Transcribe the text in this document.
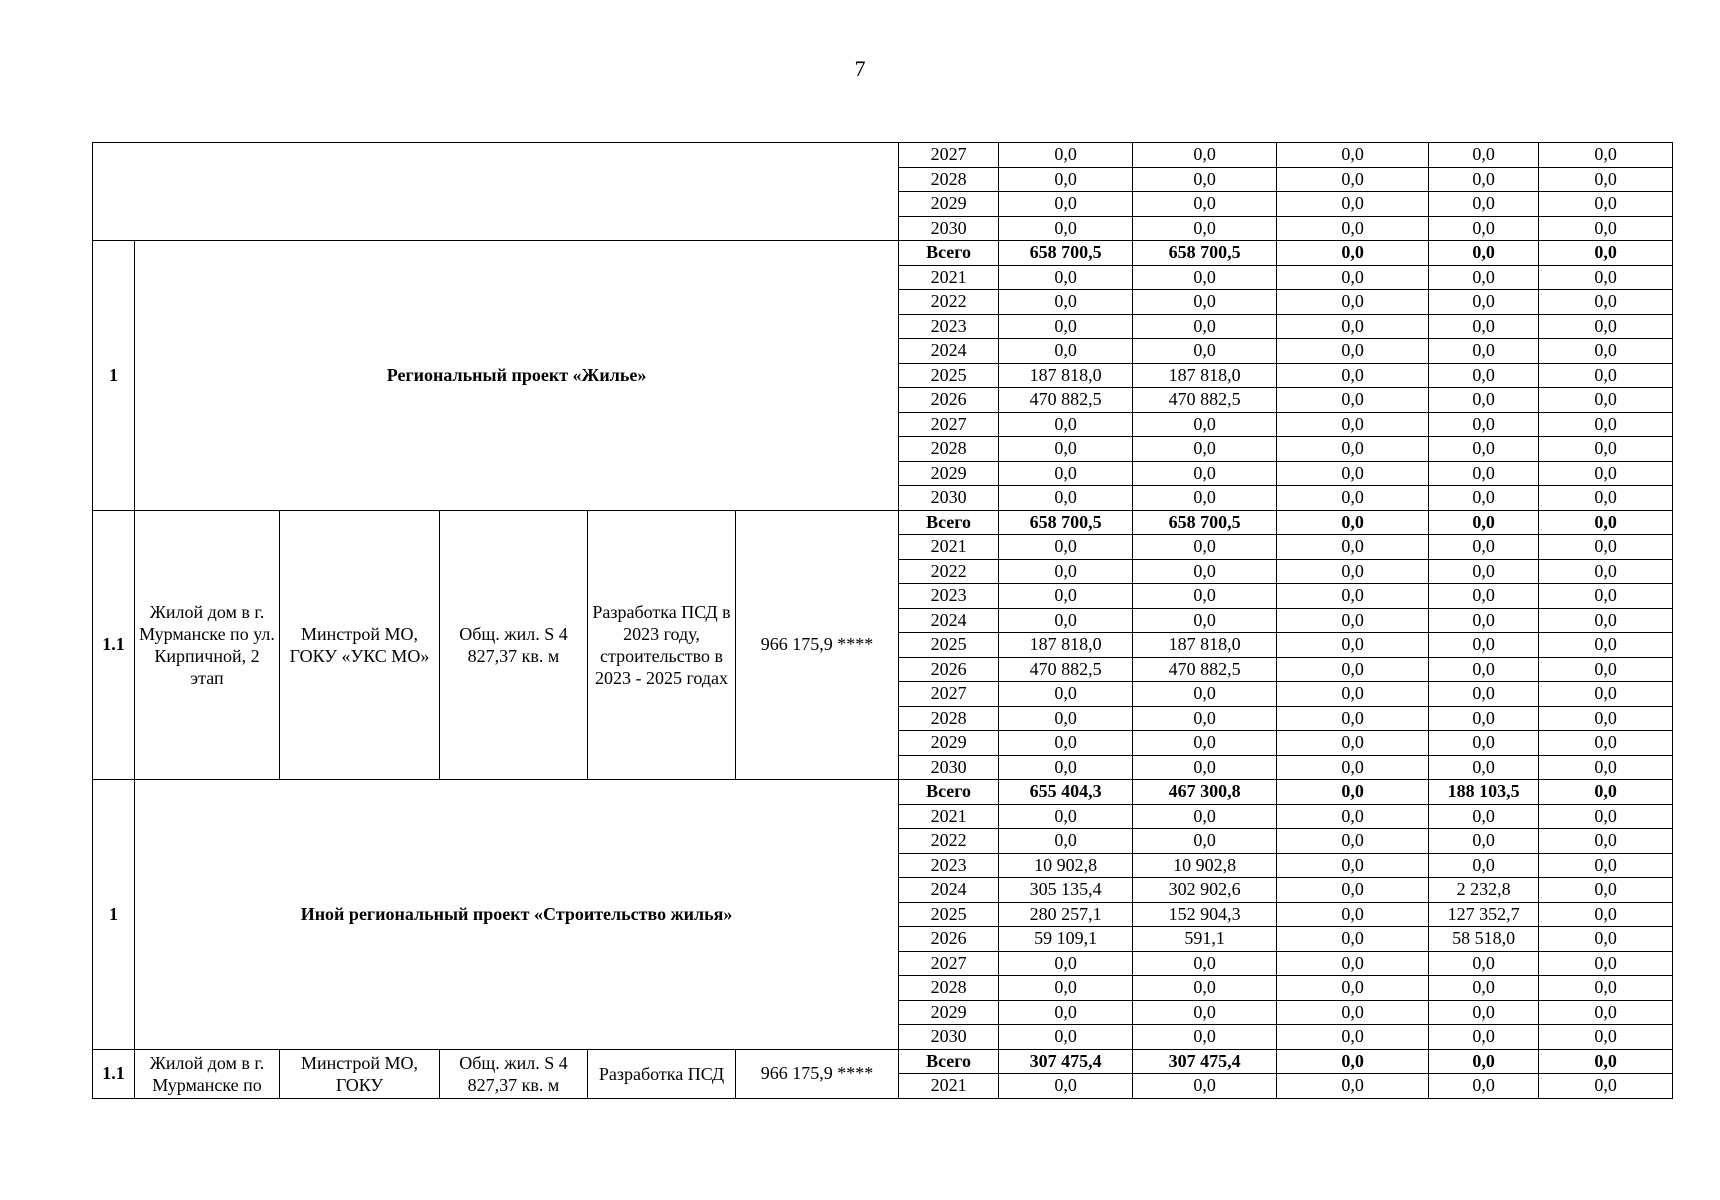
7
						2027	0,0	0,0	0,0	0,0	0,0
						2028	0,0	0,0	0,0	0,0	0,0
						2029	0,0	0,0	0,0	0,0	0,0
						2030	0,0	0,0	0,0	0,0	0,0
1	Региональный проект «Жилье»					Всего	658 700,5	658 700,5	0,0	0,0	0,0
						2021	0,0	0,0	0,0	0,0	0,0
						2022	0,0	0,0	0,0	0,0	0,0
						2023	0,0	0,0	0,0	0,0	0,0
						2024	0,0	0,0	0,0	0,0	0,0
						2025	187 818,0	187 818,0	0,0	0,0	0,0
						2026	470 882,5	470 882,5	0,0	0,0	0,0
						2027	0,0	0,0	0,0	0,0	0,0
						2028	0,0	0,0	0,0	0,0	0,0
						2029	0,0	0,0	0,0	0,0	0,0
						2030	0,0	0,0	0,0	0,0	0,0
1.1	Жилой дом в г. Мурманске по ул. Кирпичной, 2 этап	Минстрой МО, ГОКУ «УКС МО»	Общ. жил. S 4 827,37 кв. м	Разработка ПСД в 2023 году, строительство в 2023 - 2025 годах	966 175,9 ****	Всего	658 700,5	658 700,5	0,0	0,0	0,0
						2021	0,0	0,0	0,0	0,0	0,0
						2022	0,0	0,0	0,0	0,0	0,0
						2023	0,0	0,0	0,0	0,0	0,0
						2024	0,0	0,0	0,0	0,0	0,0
						2025	187 818,0	187 818,0	0,0	0,0	0,0
						2026	470 882,5	470 882,5	0,0	0,0	0,0
						2027	0,0	0,0	0,0	0,0	0,0
						2028	0,0	0,0	0,0	0,0	0,0
						2029	0,0	0,0	0,0	0,0	0,0
						2030	0,0	0,0	0,0	0,0	0,0
1	Иной региональный проект «Строительство жилья»					Всего	655 404,3	467 300,8	0,0	188 103,5	0,0
						2021	0,0	0,0	0,0	0,0	0,0
						2022	0,0	0,0	0,0	0,0	0,0
						2023	10 902,8	10 902,8	0,0	0,0	0,0
						2024	305 135,4	302 902,6	0,0	2 232,8	0,0
						2025	280 257,1	152 904,3	0,0	127 352,7	0,0
						2026	59 109,1	591,1	0,0	58 518,0	0,0
						2027	0,0	0,0	0,0	0,0	0,0
						2028	0,0	0,0	0,0	0,0	0,0
						2029	0,0	0,0	0,0	0,0	0,0
						2030	0,0	0,0	0,0	0,0	0,0
1.1	Жилой дом в г. Мурманске по	Минстрой МО, ГОКУ	Общ. жил. S 4 827,37 кв. м	Разработка ПСД	966 175,9 ****	Всего	307 475,4	307 475,4	0,0	0,0	0,0
						2021	0,0	0,0	0,0	0,0	0,0
